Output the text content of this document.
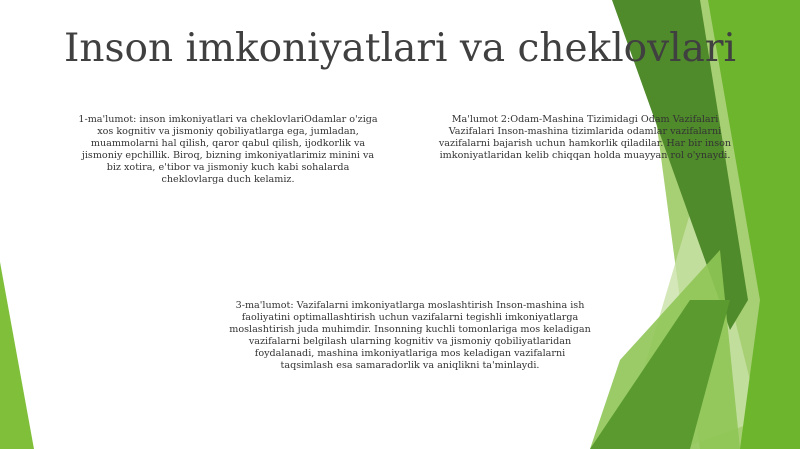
Inson imkoniyatlari va cheklovlari
1-ma'lumot: inson imkoniyatlari va cheklovlariOdamlar o'ziga xos kognitiv va jismoniy qobiliyatlarga ega, jumladan, muammolarni hal qilish, qaror qabul qilish, ijodkorlik va jismoniy epchillik. Biroq, bizning imkoniyatlarimiz minini va biz xotira, e'tibor va jismoniy kuch kabi sohalarda cheklovlarga duch kelamiz.
Ma'lumot 2:Odam-Mashina Tizimidagi Odam Vazifalari
Vazifalari Inson-mashina tizimlarida odamlar vazifalarni
vazifalarni bajarish uchun hamkorlik qiladilar. Har bir inson
imkoniyatlaridan kelib chiqqan holda muayyan rol o'ynaydi.
3-ma'lumot: Vazifalarni imkoniyatlarga moslashtirish Inson-mashina ish faoliyatini optimallashtirish uchun vazifalarni tegishli imkoniyatlarga moslashtirish juda muhimdir. Insonning kuchli tomonlariga mos keladigan vazifalarni belgilash ularning kognitiv va jismoniy qobiliyatlaridan foydalanadi, mashina imkoniyatlariga mos keladigan vazifalarni taqsimlash esa samaradorlik va aniqlikni ta'minlaydi.
